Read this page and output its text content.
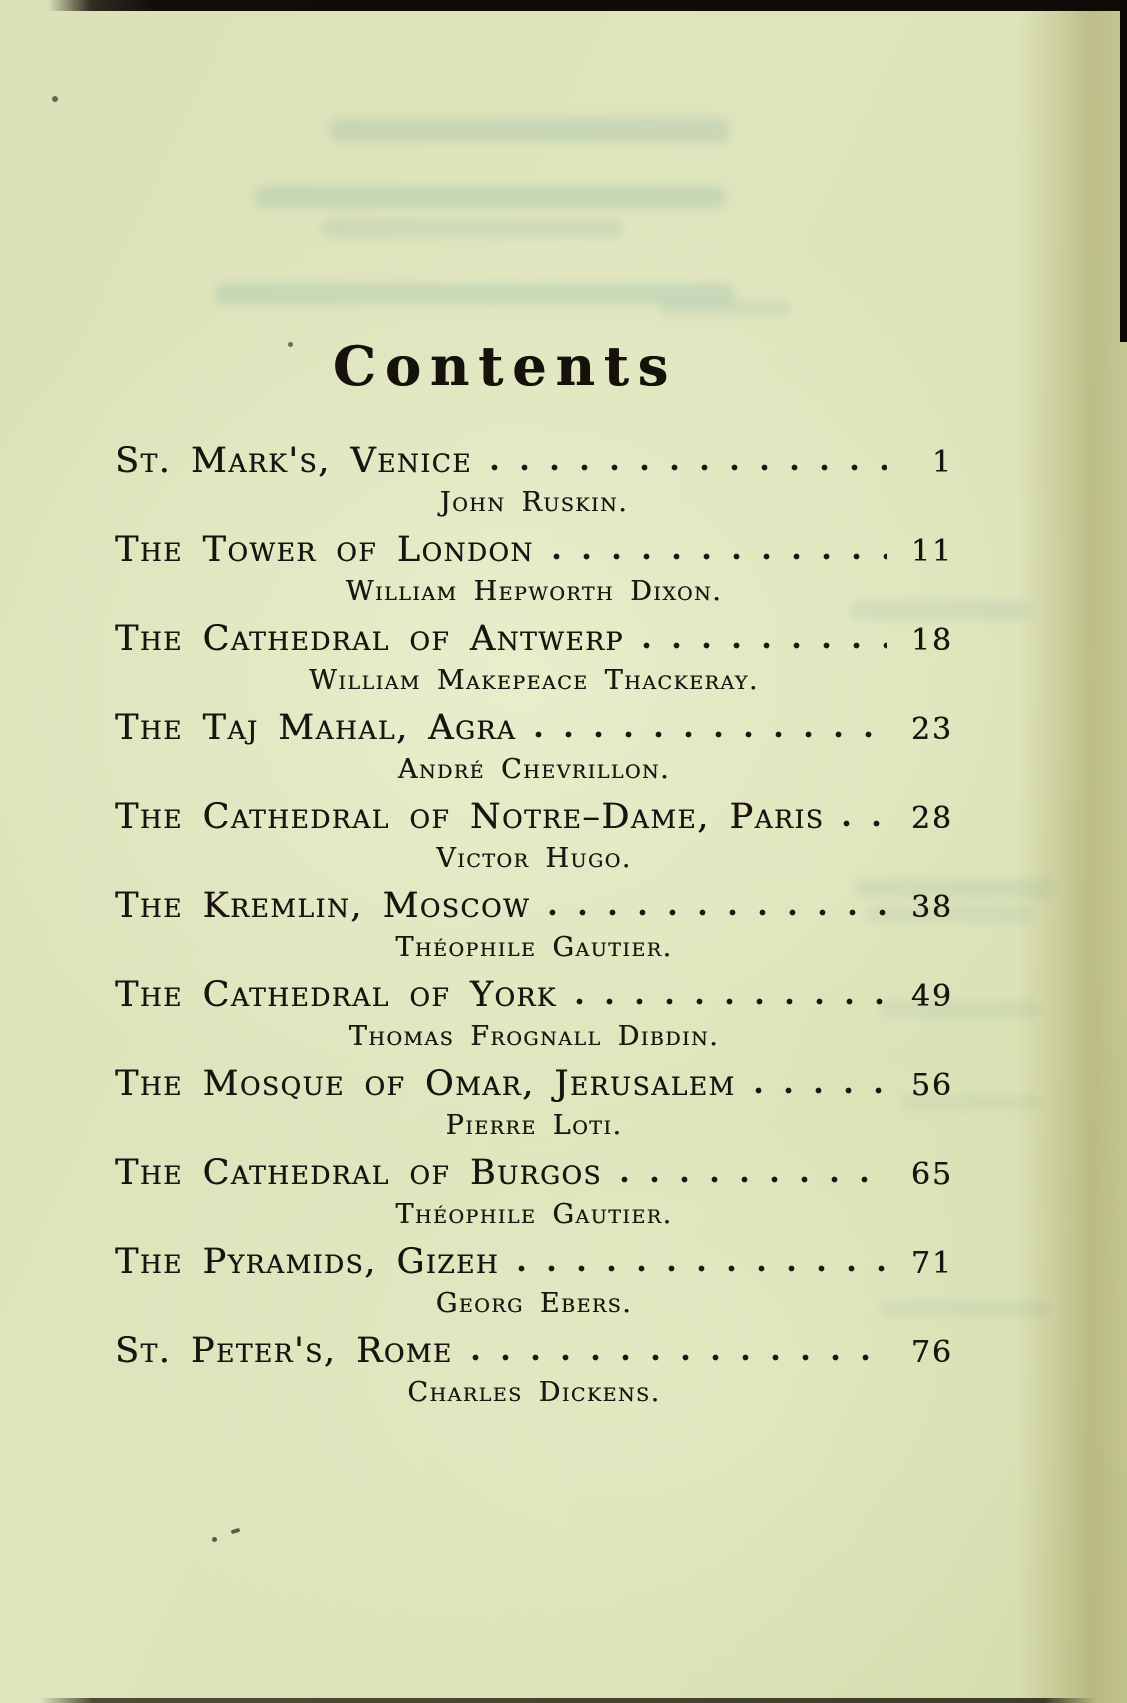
Contents
St. Mark's, Venice	1
John Ruskin.
The Tower of London	11
William Hepworth Dixon.
The Cathedral of Antwerp	18
William Makepeace Thackeray.
The Taj Mahal, Agra	23
André Chevrillon.
The Cathedral of Notre–Dame, Paris	28
Victor Hugo.
The Kremlin, Moscow	38
Théophile Gautier.
The Cathedral of York	49
Thomas Frognall Dibdin.
The Mosque of Omar, Jerusalem	56
Pierre Loti.
The Cathedral of Burgos	65
Théophile Gautier.
The Pyramids, Gizeh	71
Georg Ebers.
St. Peter's, Rome	76
Charles Dickens.
